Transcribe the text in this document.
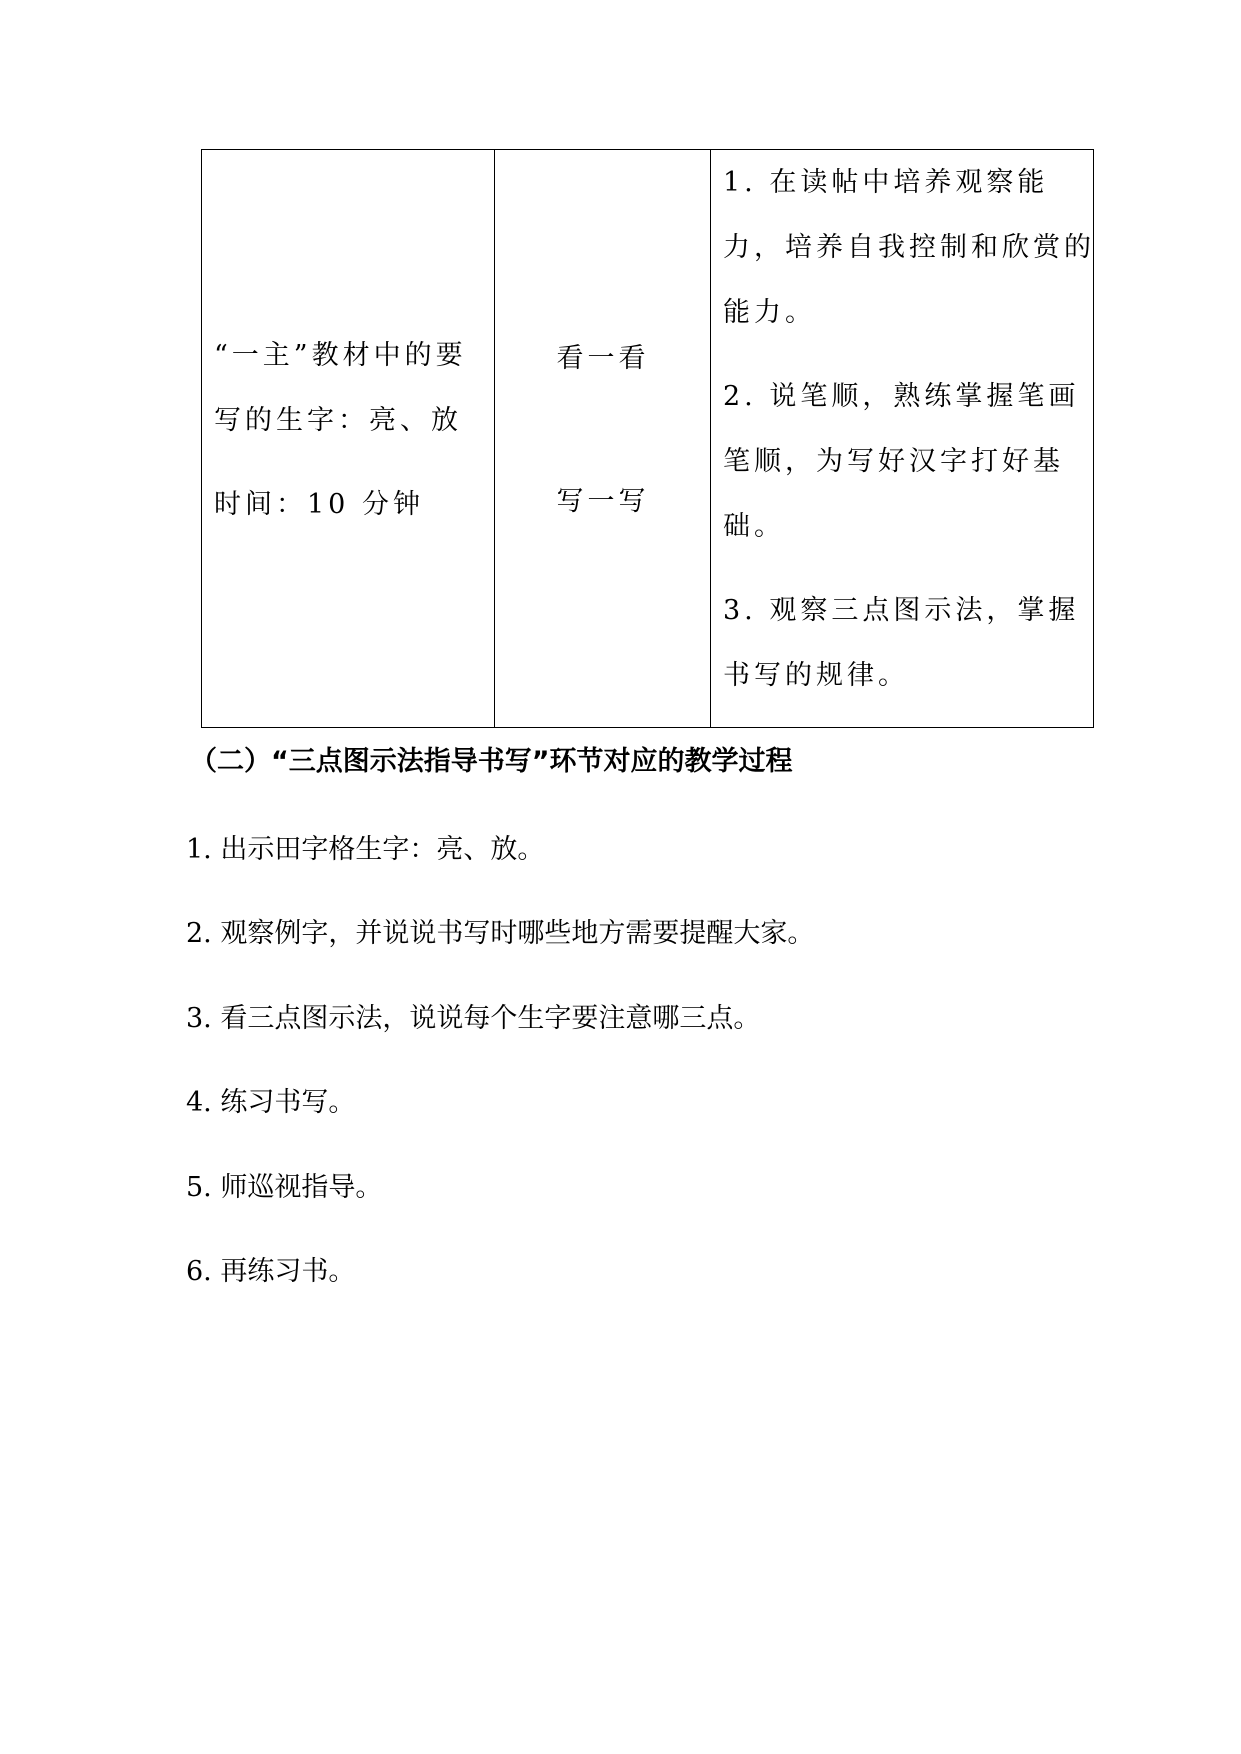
“一主”教材中的要
写的生字：亮、放
时间：10 分钟
看一看
写一写
1. 在读帖中培养观察能
力，培养自我控制和欣赏的
能力。
2. 说笔顺，熟练掌握笔画
笔顺，为写好汉字打好基
础。
3. 观察三点图示法，掌握
书写的规律。
（二）“三点图示法指导书写”环节对应的教学过程
1. 出示田字格生字：亮、放。
2. 观察例字，并说说书写时哪些地方需要提醒大家。
3. 看三点图示法，说说每个生字要注意哪三点。
4. 练习书写。
5. 师巡视指导。
6. 再练习书。
